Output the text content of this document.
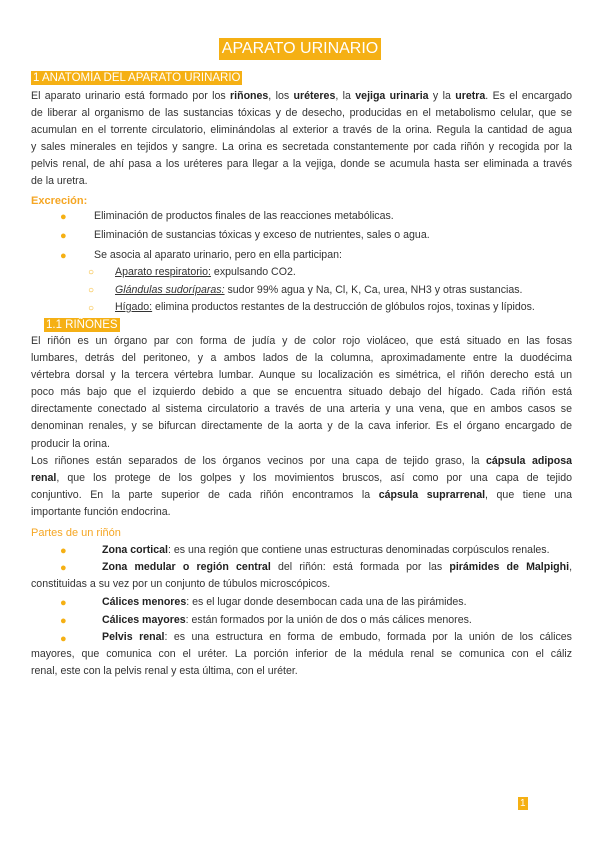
APARATO URINARIO
1 ANATOMÍA DEL APARATO URINARIO
El aparato urinario está formado por los riñones, los uréteres, la vejiga urinaria y la uretra. Es el encargado
de liberar al organismo de las sustancias tóxicas y de desecho, producidas en el metabolismo celular, que se
acumulan en el torrente circulatorio, eliminándolas al exterior a través de la orina. Regula la cantidad de agua
y sales minerales en tejidos y sangre. La orina es secretada constantemente por cada riñón y recogida por la
pelvis renal, de ahí pasa a los uréteres para llegar a la vejiga, donde se acumula hasta ser eliminada a través
de la uretra.
Excreción:
●	Eliminación de productos finales de las reacciones metabólicas.
●	Eliminación de sustancias tóxicas y exceso de nutrientes, sales o agua.
●	Se asocia al aparato urinario, pero en ella participan:
○ Aparato respiratorio: expulsando CO2.
○ Glándulas sudoríparas: sudor 99% agua y Na, Cl, K, Ca, urea, NH3 y otras sustancias.
○ Hígado: elimina productos restantes de la destrucción de glóbulos rojos, toxinas y lípidos.
1.1 RIÑONES
El riñón es un órgano par con forma de judía y de color rojo violáceo, que está situado en las fosas
lumbares, detrás del peritoneo, y a ambos lados de la columna, aproximadamente entre la duodécima
vértebra dorsal y la tercera vértebra lumbar. Aunque su localización es simétrica, el riñón derecho está un
poco más bajo que el izquierdo debido a que se encuentra situado debajo del hígado. Cada riñón está
directamente conectado al sistema circulatorio a través de una arteria y una vena, que en ambos casos se
denominan renales, y se bifurcan directamente de la aorta y de la cava inferior. Es el órgano encargado de
producir la orina.
Los riñones están separados de los órganos vecinos por una capa de tejido graso, la cápsula adiposa
renal, que los protege de los golpes y los movimientos bruscos, así como por una capa de tejido
conjuntivo. En la parte superior de cada riñón encontramos la cápsula suprarrenal, que tiene una
importante función endocrina.
Partes de un riñón
●	Zona cortical: es una región que contiene unas estructuras denominadas corpúsculos renales.
●	Zona medular o región central del riñón: está formada por las pirámides de Malpighi,
constituidas a su vez por un conjunto de túbulos microscópicos.
●	Cálices menores: es el lugar donde desembocan cada una de las pirámides.
●	Cálices mayores: están formados por la unión de dos o más cálices menores.
●	Pelvis renal: es una estructura en forma de embudo, formada por la unión de los cálices
mayores, que comunica con el uréter. La porción inferior de la médula renal se comunica con el cáliz
renal, este con la pelvis renal y esta última, con el uréter.
1
